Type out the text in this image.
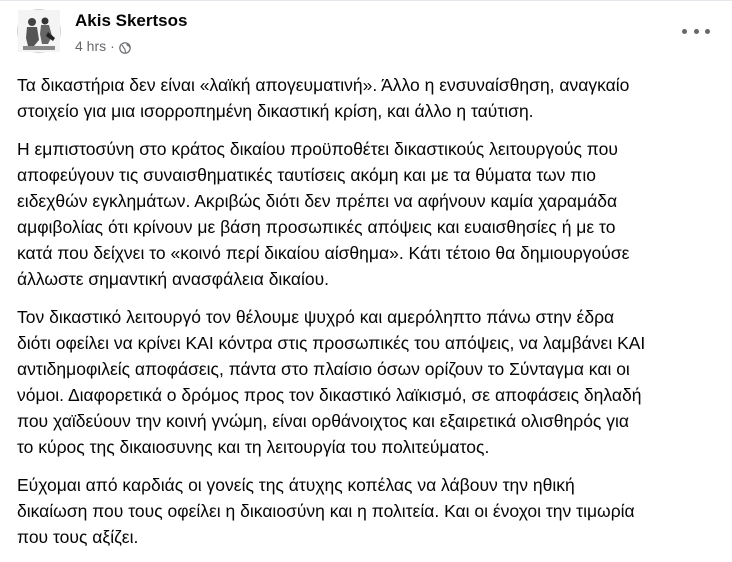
Akis Skertsos
4 hrs ·

Τα δικαστήρια δεν είναι «λαϊκή απογευματινή». Άλλο η ενσυναίσθηση, αναγκαίο
στοιχείο για μια ισορροπημένη δικαστική κρίση, και άλλο η ταύτιση.

Η εμπιστοσύνη στο κράτος δικαίου προϋποθέτει δικαστικούς λειτουργούς που
αποφεύγουν τις συναισθηματικές ταυτίσεις ακόμη και με τα θύματα των πιο
ειδεχθών εγκλημάτων. Ακριβώς διότι δεν πρέπει να αφήνουν καμία χαραμάδα
αμφιβολίας ότι κρίνουν με βάση προσωπικές απόψεις και ευαισθησίες ή με το
κατά που δείχνει το «κοινό περί δικαίου αίσθημα». Κάτι τέτοιο θα δημιουργούσε
άλλωστε σημαντική ανασφάλεια δικαίου.

Τον δικαστικό λειτουργό τον θέλουμε ψυχρό και αμερόληπτο πάνω στην έδρα
διότι οφείλει να κρίνει ΚΑΙ κόντρα στις προσωπικές του απόψεις, να λαμβάνει ΚΑΙ
αντιδημοφιλείς αποφάσεις, πάντα στο πλαίσιο όσων ορίζουν το Σύνταγμα και οι
νόμοι. Διαφορετικά ο δρόμος προς τον δικαστικό λαϊκισμό, σε αποφάσεις δηλαδή
που χαϊδεύουν την κοινή γνώμη, είναι ορθάνοιχτος και εξαιρετικά ολισθηρός για
το κύρος της δικαιοσυνης και τη λειτουργία του πολιτεύματος.

Εύχομαι από καρδιάς οι γονείς της άτυχης κοπέλας να λάβουν την ηθική
δικαίωση που τους οφείλει η δικαιοσύνη και η πολιτεία. Και οι ένοχοι την τιμωρία
που τους αξίζει.
